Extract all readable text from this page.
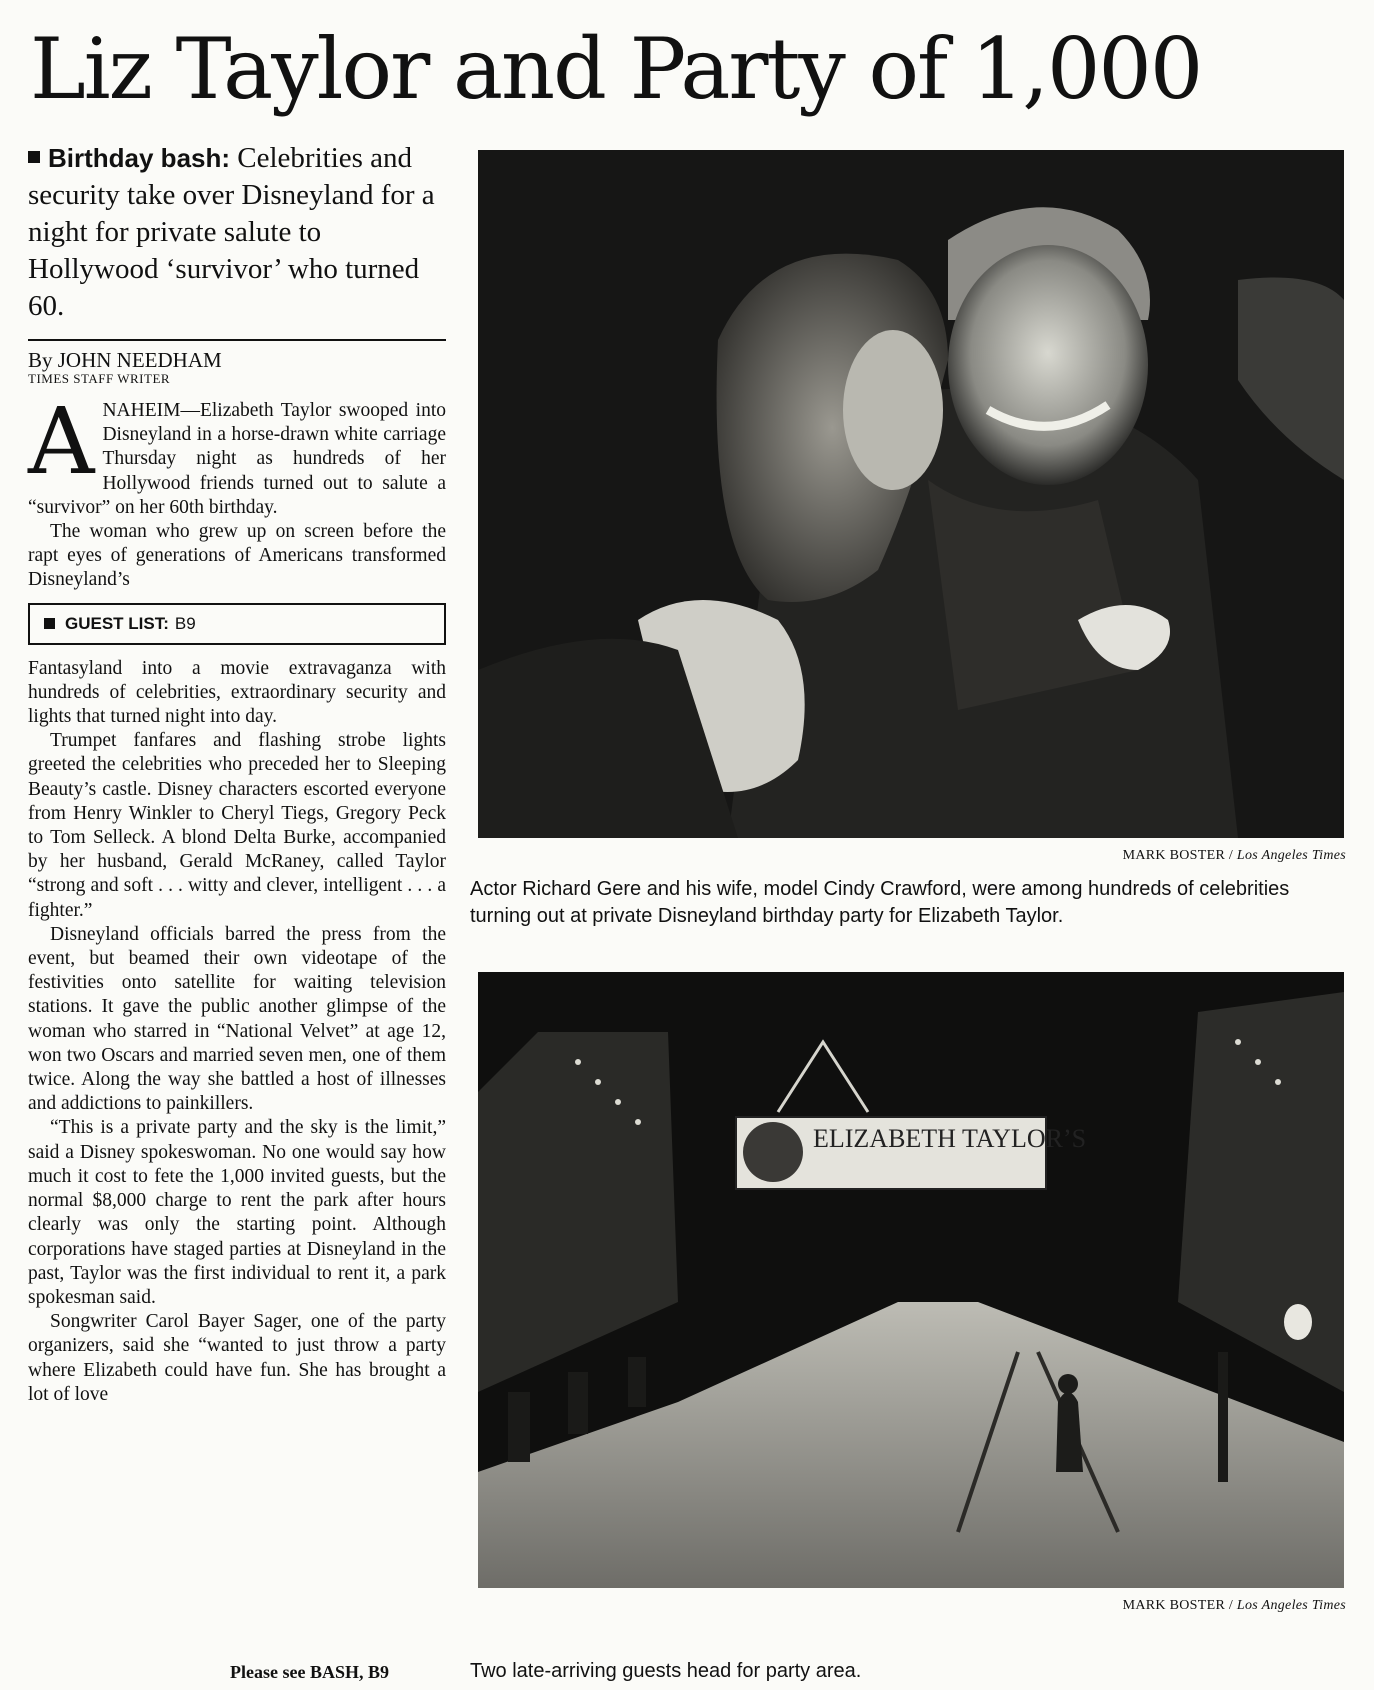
Liz Taylor and Party of 1,000

Birthday bash: Celebrities and security take over Disneyland for a night for private salute to Hollywood ‘survivor’ who turned 60.

By JOHN NEEDHAM
TIMES STAFF WRITER

ANAHEIM—Elizabeth Taylor swooped into Disneyland in a horse-drawn white carriage Thursday night as hundreds of her Hollywood friends turned out to salute a “survivor” on her 60th birthday.

The woman who grew up on screen before the rapt eyes of generations of Americans transformed Disneyland’s

GUEST LIST: B9

Fantasyland into a movie extravaganza with hundreds of celebrities, extraordinary security and lights that turned night into day.

Trumpet fanfares and flashing strobe lights greeted the celebrities who preceded her to Sleeping Beauty’s castle. Disney characters escorted everyone from Henry Winkler to Cheryl Tiegs, Gregory Peck to Tom Selleck. A blond Delta Burke, accompanied by her husband, Gerald McRaney, called Taylor “strong and soft . . . witty and clever, intelligent . . . a fighter.”

Disneyland officials barred the press from the event, but beamed their own videotape of the festivities onto satellite for waiting television stations. It gave the public another glimpse of the woman who starred in “National Velvet” at age 12, won two Oscars and married seven men, one of them twice. Along the way she battled a host of illnesses and addictions to painkillers.

“This is a private party and the sky is the limit,” said a Disney spokeswoman. No one would say how much it cost to fete the 1,000 invited guests, but the normal $8,000 charge to rent the park after hours clearly was only the starting point. Although corporations have staged parties at Disneyland in the past, Taylor was the first individual to rent it, a park spokesman said.

Songwriter Carol Bayer Sager, one of the party organizers, said she “wanted to just throw a party where Elizabeth could have fun. She has brought a lot of love

Please see BASH, B9
MARK BOSTER / Los Angeles Times

Actor Richard Gere and his wife, model Cindy Crawford, were among hundreds of celebrities turning out at private Disneyland birthday party for Elizabeth Taylor.

ELIZABETH TAYLOR’S
MARK BOSTER / Los Angeles Times

Two late-arriving guests head for party area.
